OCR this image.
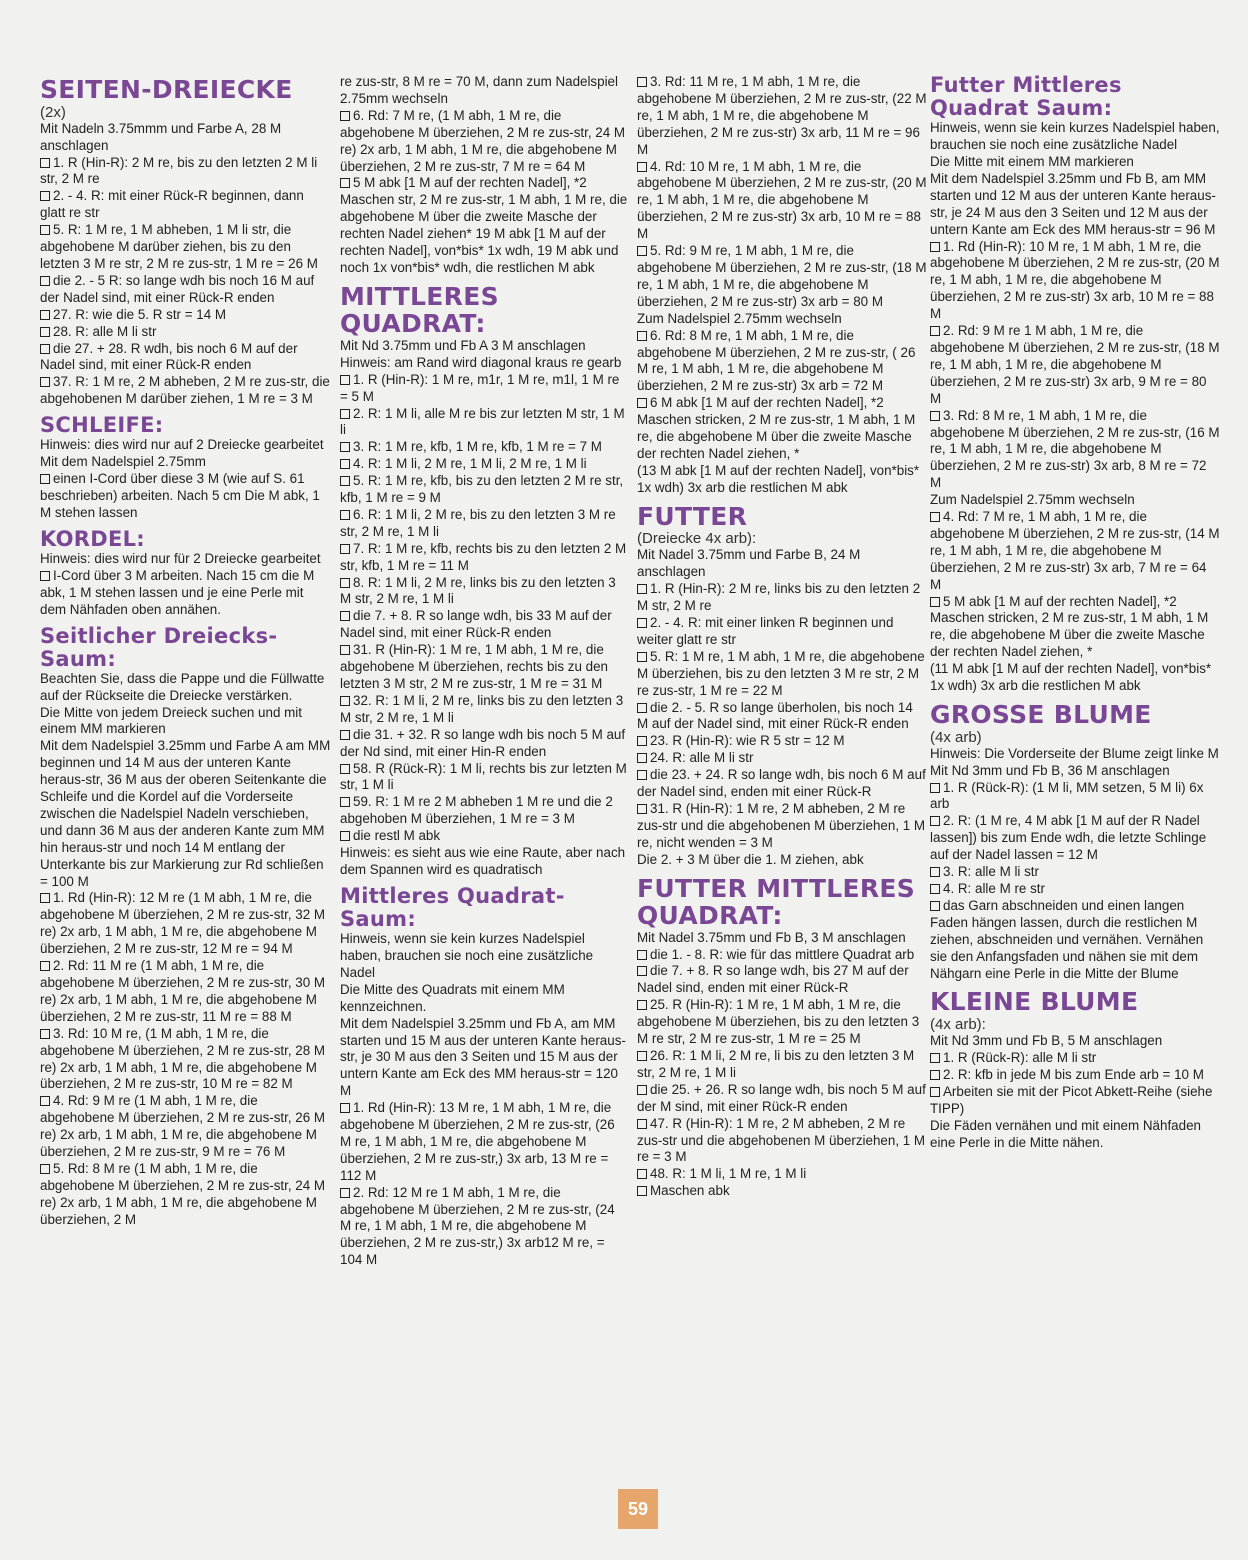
SEITEN-DREIECKE
(2x)

Mit Nadeln 3.75mmm und Farbe A, 28 M anschlagen

1. R (Hin-R): 2 M re, bis zu den letzten 2 M li str, 2 M re

2. - 4. R: mit einer Rück-R beginnen, dann glatt re str

5. R: 1 M re, 1 M abheben, 1 M li str, die abgehobene M darüber ziehen, bis zu den letzten 3 M re str, 2 M re zus-str, 1 M re = 26 M

die 2. - 5 R: so lange wdh bis noch 16 M auf der Nadel sind, mit einer Rück-R enden

27. R: wie die 5. R str = 14 M

28. R: alle M li str

die 27. + 28. R wdh, bis noch 6 M auf der Nadel sind, mit einer Rück-R enden

37. R: 1 M re, 2 M abheben, 2 M re zus-str, die abgehobenen M darüber ziehen, 1 M re = 3 M

SCHLEIFE:

Hinweis: dies wird nur auf 2 Dreiecke gearbeitet

Mit dem Nadelspiel 2.75mm

einen I-Cord über diese 3 M (wie auf S. 61 beschrieben) arbeiten. Nach 5 cm Die M abk, 1 M stehen lassen

KORDEL:

Hinweis: dies wird nur für 2 Dreiecke gearbeitet

I-Cord über 3 M arbeiten. Nach 15 cm die M abk, 1 M stehen lassen und je eine Perle mit dem Nähfaden oben annähen.

Seitlicher Dreiecks-Saum:

Beachten Sie, dass die Pappe und die Füllwatte auf der Rückseite die Dreiecke verstärken.

Die Mitte von jedem Dreieck suchen und mit einem MM markieren

Mit dem Nadelspiel 3.25mm und Farbe A am MM beginnen und 14 M aus der unteren Kante heraus-str, 36 M aus der oberen Seitenkante die Schleife und die Kordel auf die Vorderseite zwischen die Nadelspiel Nadeln verschieben, und dann 36 M aus der anderen Kante zum MM hin heraus-str und noch 14 M entlang der Unterkante bis zur Markierung zur Rd schließen = 100 M

1. Rd (Hin-R): 12 M re (1 M abh, 1 M re, die abgehobene M überziehen, 2 M re zus-str, 32 M re) 2x arb, 1 M abh, 1 M re, die abgehobene M überziehen, 2 M re zus-str, 12 M re = 94 M

2. Rd: 11 M re (1 M abh, 1 M re, die abgehobene M überziehen, 2 M re zus-str, 30 M re) 2x arb, 1 M abh, 1 M re, die abgehobene M überziehen, 2 M re zus-str, 11 M re = 88 M

3. Rd: 10 M re, (1 M abh, 1 M re, die abgehobene M überziehen, 2 M re zus-str, 28 M re) 2x arb, 1 M abh, 1 M re, die abgehobene M überziehen, 2 M re zus-str, 10 M re = 82 M

4. Rd: 9 M re (1 M abh, 1 M re, die abgehobene M überziehen, 2 M re zus-str, 26 M re) 2x arb, 1 M abh, 1 M re, die abgehobene M überziehen, 2 M re zus-str, 9 M re = 76 M

5. Rd: 8 M re (1 M abh, 1 M re, die abgehobene M überziehen, 2 M re zus-str, 24 M re) 2x arb, 1 M abh, 1 M re, die abgehobene M überziehen, 2 M

re zus-str, 8 M re = 70 M, dann zum Nadelspiel 2.75mm wechseln

6. Rd: 7 M re, (1 M abh, 1 M re, die abgehobene M überziehen, 2 M re zus-str, 24 M re) 2x arb, 1 M abh, 1 M re, die abgehobene M überziehen, 2 M re zus-str, 7 M re = 64 M

5 M abk [1 M auf der rechten Nadel], *2 Maschen str, 2 M re zus-str, 1 M abh, 1 M re, die abgehobene M über die zweite Masche der rechten Nadel ziehen* 19 M abk [1 M auf der rechten Nadel], von*bis* 1x wdh, 19 M abk und noch 1x von*bis* wdh, die restlichen M abk

MITTLERES QUADRAT:

Mit Nd 3.75mm und Fb A 3 M anschlagen

Hinweis: am Rand wird diagonal kraus re gearb

1. R (Hin-R): 1 M re, m1r, 1 M re, m1l, 1 M re = 5 M

2. R: 1 M li, alle M re bis zur letzten M str, 1 M li

3. R: 1 M re, kfb, 1 M re, kfb, 1 M re = 7 M

4. R: 1 M li, 2 M re, 1 M li, 2 M re, 1 M li

5. R: 1 M re, kfb, bis zu den letzten 2 M re str, kfb, 1 M re = 9 M

6. R: 1 M li, 2 M re, bis zu den letzten 3 M re str, 2 M re, 1 M li

7. R: 1 M re, kfb, rechts bis zu den letzten 2 M str, kfb, 1 M re = 11 M

8. R: 1 M li, 2 M re, links bis zu den letzten 3 M str, 2 M re, 1 M li

die 7. + 8. R so lange wdh, bis 33 M auf der Nadel sind, mit einer Rück-R enden

31. R (Hin-R): 1 M re, 1 M abh, 1 M re, die abgehobene M überziehen, rechts bis zu den letzten 3 M str, 2 M re zus-str, 1 M re = 31 M

32. R: 1 M li, 2 M re, links bis zu den letzten 3 M str, 2 M re, 1 M li

die 31. + 32. R so lange wdh bis noch 5 M auf der Nd sind, mit einer Hin-R enden

58. R (Rück-R): 1 M li, rechts bis zur letzten M str, 1 M li

59. R: 1 M re 2 M abheben 1 M re und die 2 abgehoben M überziehen, 1 M re = 3 M

die restl M abk

Hinweis: es sieht aus wie eine Raute, aber nach dem Spannen wird es quadratisch

Mittleres Quadrat-Saum:

Hinweis, wenn sie kein kurzes Nadelspiel haben, brauchen sie noch eine zusätzliche Nadel

Die Mitte des Quadrats mit einem MM kennzeichnen.

Mit dem Nadelspiel 3.25mm und Fb A, am MM starten und 15 M aus der unteren Kante heraus-str, je 30 M aus den 3 Seiten und 15 M aus der untern Kante am Eck des MM heraus-str = 120 M

1. Rd (Hin-R): 13 M re, 1 M abh, 1 M re, die abgehobene M überziehen, 2 M re zus-str, (26 M re, 1 M abh, 1 M re, die abgehobene M überziehen, 2 M re zus-str,) 3x arb, 13 M re = 112 M

2. Rd: 12 M re 1 M abh, 1 M re, die abgehobene M überziehen, 2 M re zus-str, (24 M re, 1 M abh, 1 M re, die abgehobene M überziehen, 2 M re zus-str,) 3x arb12 M re, = 104 M

3. Rd: 11 M re, 1 M abh, 1 M re, die abgehobene M überziehen, 2 M re zus-str, (22 M re, 1 M abh, 1 M re, die abgehobene M überziehen, 2 M re zus-str) 3x arb, 11 M re = 96 M

4. Rd: 10 M re, 1 M abh, 1 M re, die abgehobene M überziehen, 2 M re zus-str, (20 M re, 1 M abh, 1 M re, die abgehobene M überziehen, 2 M re zus-str) 3x arb, 10 M re = 88 M

5. Rd: 9 M re, 1 M abh, 1 M re, die abgehobene M überziehen, 2 M re zus-str, (18 M re, 1 M abh, 1 M re, die abgehobene M überziehen, 2 M re zus-str) 3x arb = 80 M

Zum Nadelspiel 2.75mm wechseln

6. Rd: 8 M re, 1 M abh, 1 M re, die abgehobene M überziehen, 2 M re zus-str, ( 26 M re, 1 M abh, 1 M re, die abgehobene M überziehen, 2 M re zus-str) 3x arb = 72 M

6 M abk [1 M auf der rechten Nadel], *2 Maschen stricken, 2 M re zus-str, 1 M abh, 1 M re, die abgehobene M über die zweite Masche der rechten Nadel ziehen, *

(13 M abk [1 M auf der rechten Nadel], von*bis* 1x wdh) 3x arb die restlichen M abk

FUTTER
(Dreiecke 4x arb):

Mit Nadel 3.75mm und Farbe B, 24 M anschlagen

1. R (Hin-R): 2 M re, links bis zu den letzten 2 M str, 2 M re

2. - 4. R: mit einer linken R beginnen und weiter glatt re str

5. R: 1 M re, 1 M abh, 1 M re, die abgehobene M überziehen, bis zu den letzten 3 M re str, 2 M re zus-str, 1 M re = 22 M

die 2. - 5. R so lange überholen, bis noch 14 M auf der Nadel sind, mit einer Rück-R enden

23. R (Hin-R): wie R 5 str = 12 M

24. R: alle M li str

die 23. + 24. R so lange wdh, bis noch 6 M auf der Nadel sind, enden mit einer Rück-R

31. R (Hin-R): 1 M re, 2 M abheben, 2 M re zus-str und die abgehobenen M überziehen, 1 M re, nicht wenden = 3 M

Die 2. + 3 M über die 1. M ziehen, abk

FUTTER MITTLERES QUADRAT:

Mit Nadel 3.75mm und Fb B, 3 M anschlagen

die 1. - 8. R: wie für das mittlere Quadrat arb

die 7. + 8. R so lange wdh, bis 27 M auf der Nadel sind, enden mit einer Rück-R

25. R (Hin-R): 1 M re, 1 M abh, 1 M re, die abgehobene M überziehen, bis zu den letzten 3 M re str, 2 M re zus-str, 1 M re = 25 M

26. R: 1 M li, 2 M re, li bis zu den letzten 3 M str, 2 M re, 1 M li

die 25. + 26. R so lange wdh, bis noch 5 M auf der M sind, mit einer Rück-R enden

47. R (Hin-R): 1 M re, 2 M abheben, 2 M re zus-str und die abgehobenen M überziehen, 1 M re = 3 M

48. R: 1 M li, 1 M re, 1 M li

Maschen abk

Futter Mittleres Quadrat Saum:

Hinweis, wenn sie kein kurzes Nadelspiel haben, brauchen sie noch eine zusätzliche Nadel

Die Mitte mit einem MM markieren

Mit dem Nadelspiel 3.25mm und Fb B, am MM starten und 12 M aus der unteren Kante heraus-str, je 24 M aus den 3 Seiten und 12 M aus der untern Kante am Eck des MM heraus-str = 96 M

1. Rd (Hin-R): 10 M re, 1 M abh, 1 M re, die abgehobene M überziehen, 2 M re zus-str, (20 M re, 1 M abh, 1 M re, die abgehobene M überziehen, 2 M re zus-str) 3x arb, 10 M re = 88 M

2. Rd: 9 M re 1 M abh, 1 M re, die abgehobene M überziehen, 2 M re zus-str, (18 M re, 1 M abh, 1 M re, die abgehobene M überziehen, 2 M re zus-str) 3x arb, 9 M re = 80 M

3. Rd: 8 M re, 1 M abh, 1 M re, die abgehobene M überziehen, 2 M re zus-str, (16 M re, 1 M abh, 1 M re, die abgehobene M überziehen, 2 M re zus-str) 3x arb, 8 M re = 72 M

Zum Nadelspiel 2.75mm wechseln

4. Rd: 7 M re, 1 M abh, 1 M re, die abgehobene M überziehen, 2 M re zus-str, (14 M re, 1 M abh, 1 M re, die abgehobene M überziehen, 2 M re zus-str) 3x arb, 7 M re = 64 M

5 M abk [1 M auf der rechten Nadel], *2 Maschen stricken, 2 M re zus-str, 1 M abh, 1 M re, die abgehobene M über die zweite Masche der rechten Nadel ziehen, *

(11 M abk [1 M auf der rechten Nadel], von*bis* 1x wdh) 3x arb die restlichen M abk

GROSSE BLUME
(4x arb)

Hinweis: Die Vorderseite der Blume zeigt linke M

Mit Nd 3mm und Fb B, 36 M anschlagen

1. R (Rück-R): (1 M li, MM setzen, 5 M li) 6x arb

2. R: (1 M re, 4 M abk [1 M auf der R Nadel lassen]) bis zum Ende wdh, die letzte Schlinge auf der Nadel lassen = 12 M

3. R: alle M li str

4. R: alle M re str

das Garn abschneiden und einen langen Faden hängen lassen, durch die restlichen M ziehen, abschneiden und vernähen. Vernähen sie den Anfangsfaden und nähen sie mit dem Nähgarn eine Perle in die Mitte der Blume

KLEINE BLUME
(4x arb):

Mit Nd 3mm und Fb B, 5 M anschlagen

1. R (Rück-R): alle M li str

2. R: kfb in jede M bis zum Ende arb = 10 M

Arbeiten sie mit der Picot Abkett-Reihe (siehe TIPP)

Die Fäden vernähen und mit einem Nähfaden eine Perle in die Mitte nähen.

59
